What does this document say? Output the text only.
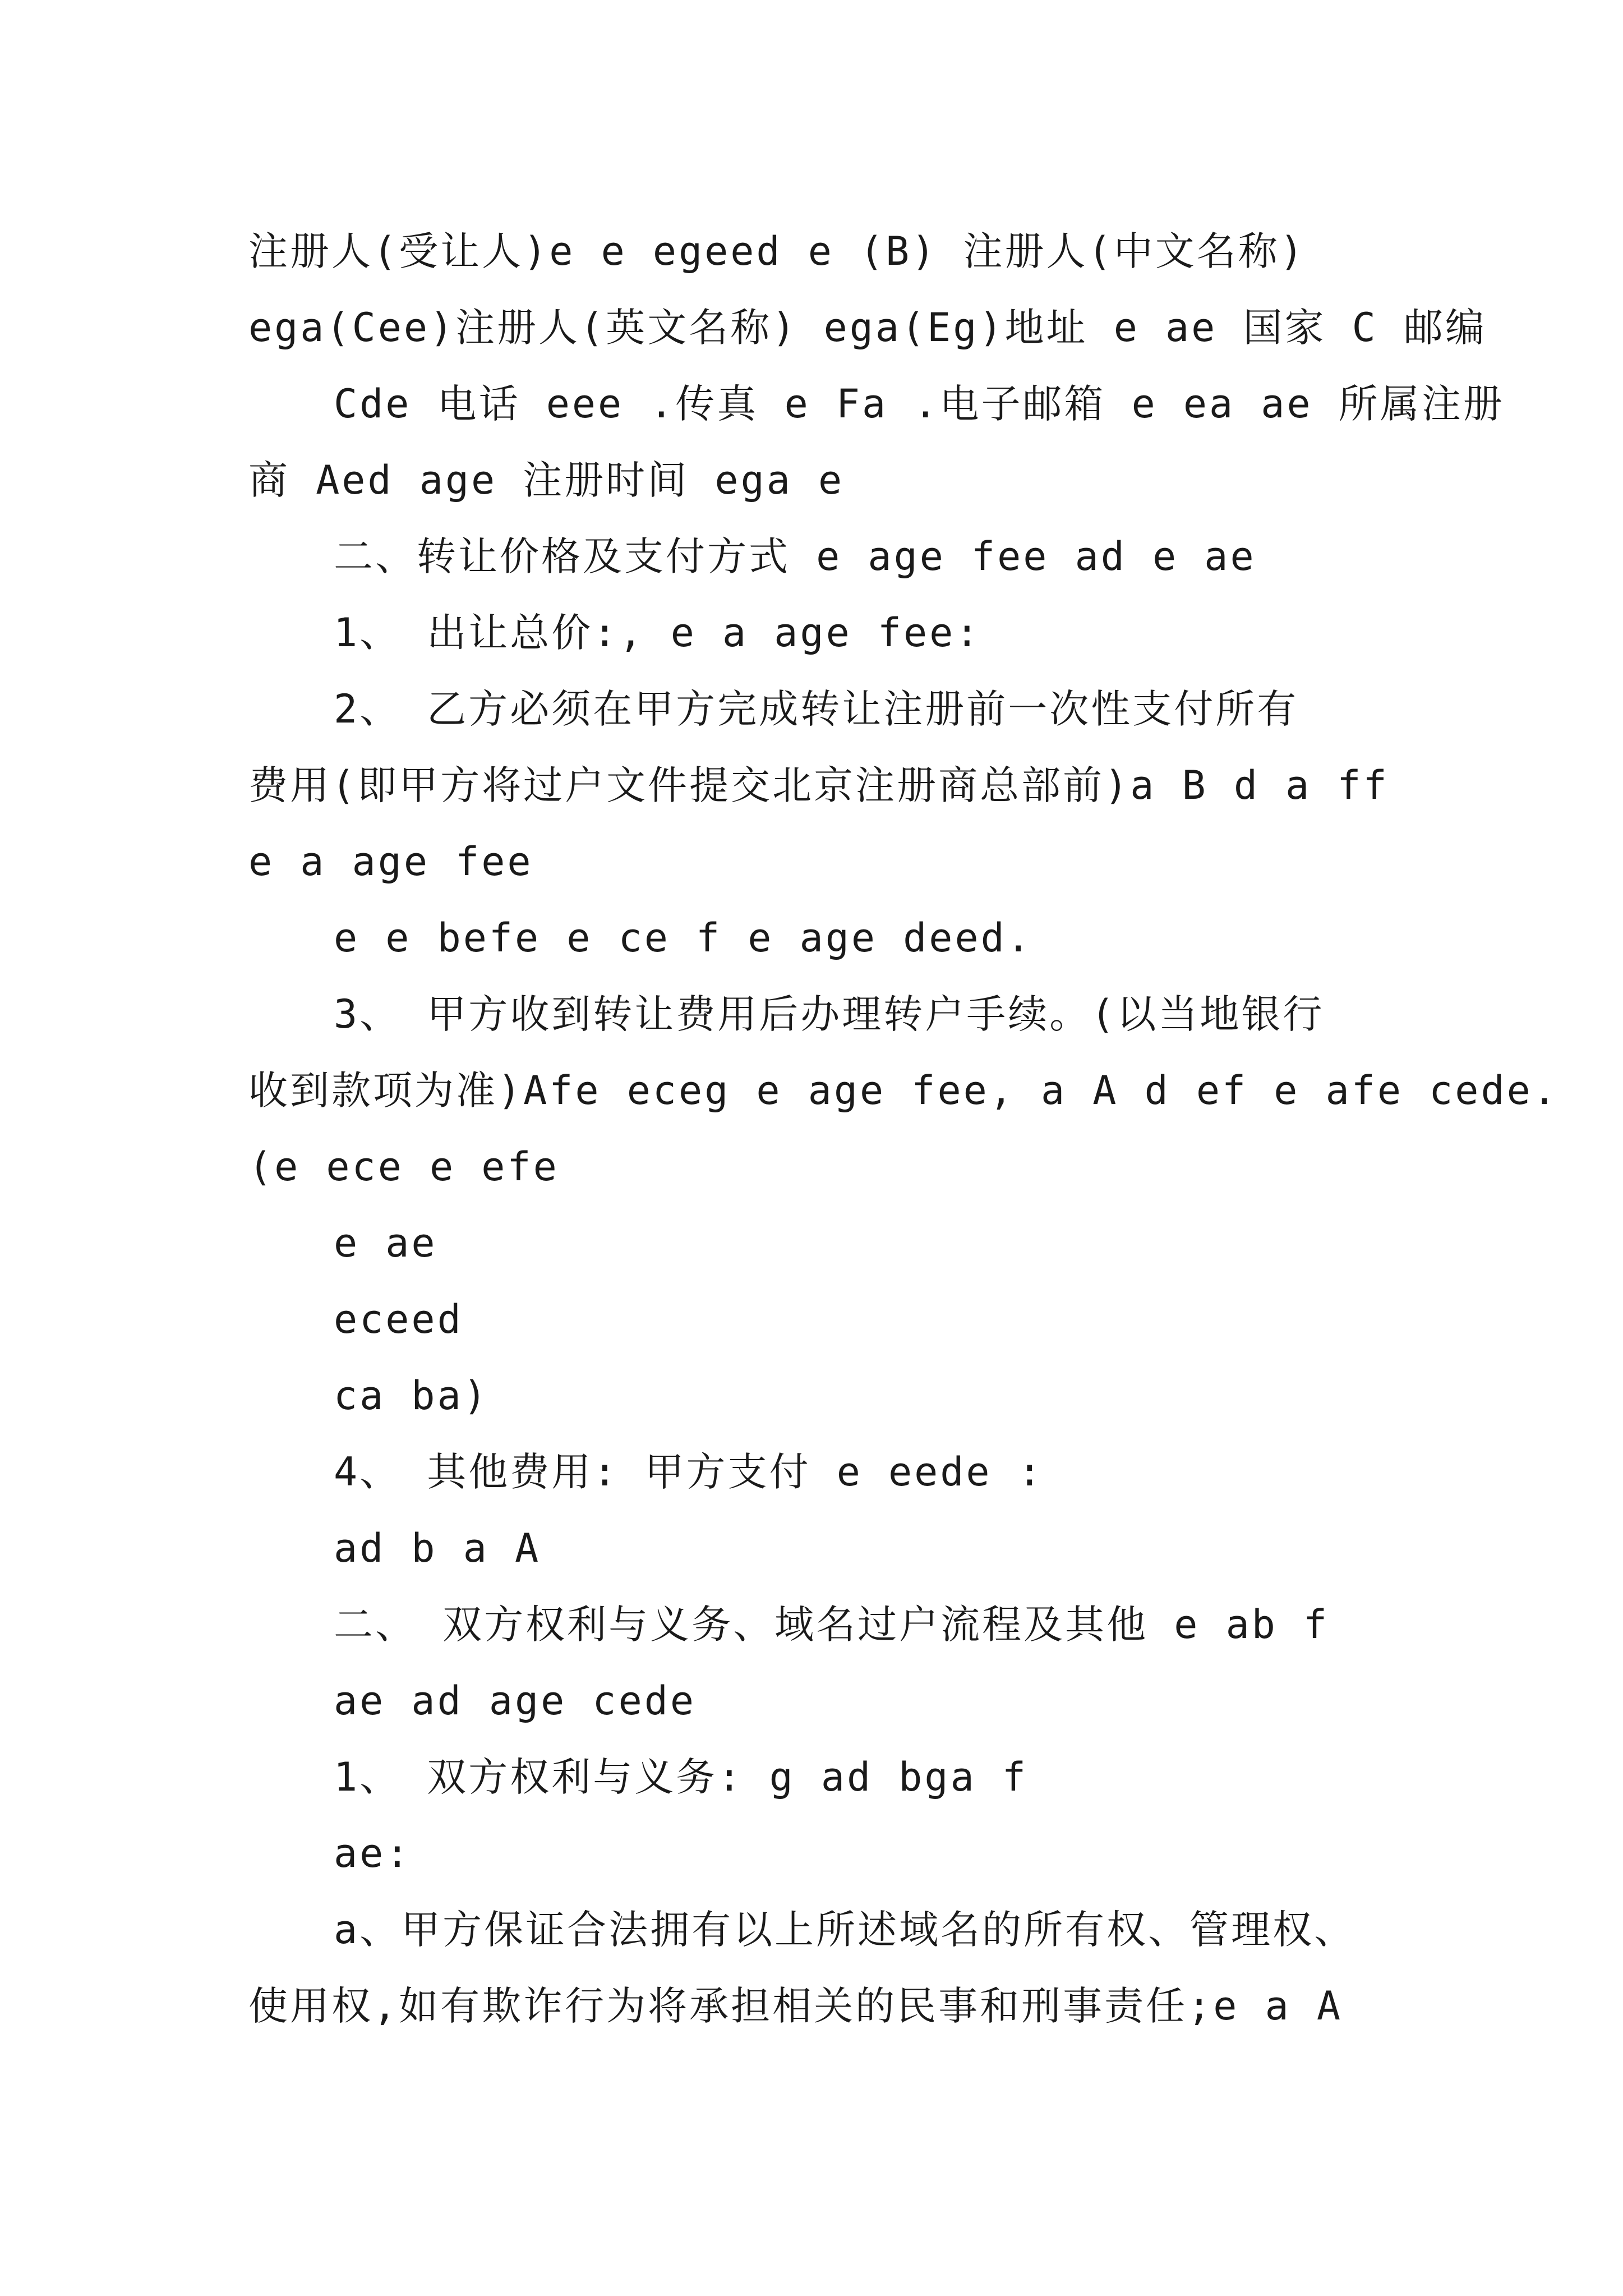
注册人(受让人)e e egeed e (B) 注册人(中文名称)
ega(Cee)注册人(英文名称) ega(Eg)地址 e ae 国家 C 邮编
Cde 电话 eee .传真 e Fa .电子邮箱 e ea ae 所属注册
商 Aed age 注册时间 ega e
二、转让价格及支付方式 e age fee ad e ae
1、 出让总价:, e a age fee:
2、 乙方必须在甲方完成转让注册前一次性支付所有
费用(即甲方将过户文件提交北京注册商总部前)a B d a ff
e a age fee
e e befe e ce f e age deed.
3、 甲方收到转让费用后办理转户手续。(以当地银行
收到款项为准)Afe eceg e age fee, a A d ef e afe cede.
(e ece e efe
e ae
eceed
ca ba)
4、 其他费用: 甲方支付 e eede :
ad b a A
二、 双方权利与义务、域名过户流程及其他 e ab f
ae ad age cede
1、 双方权利与义务: g ad bga f
ae:
a、甲方保证合法拥有以上所述域名的所有权、管理权、
使用权,如有欺诈行为将承担相关的民事和刑事责任;e a A
